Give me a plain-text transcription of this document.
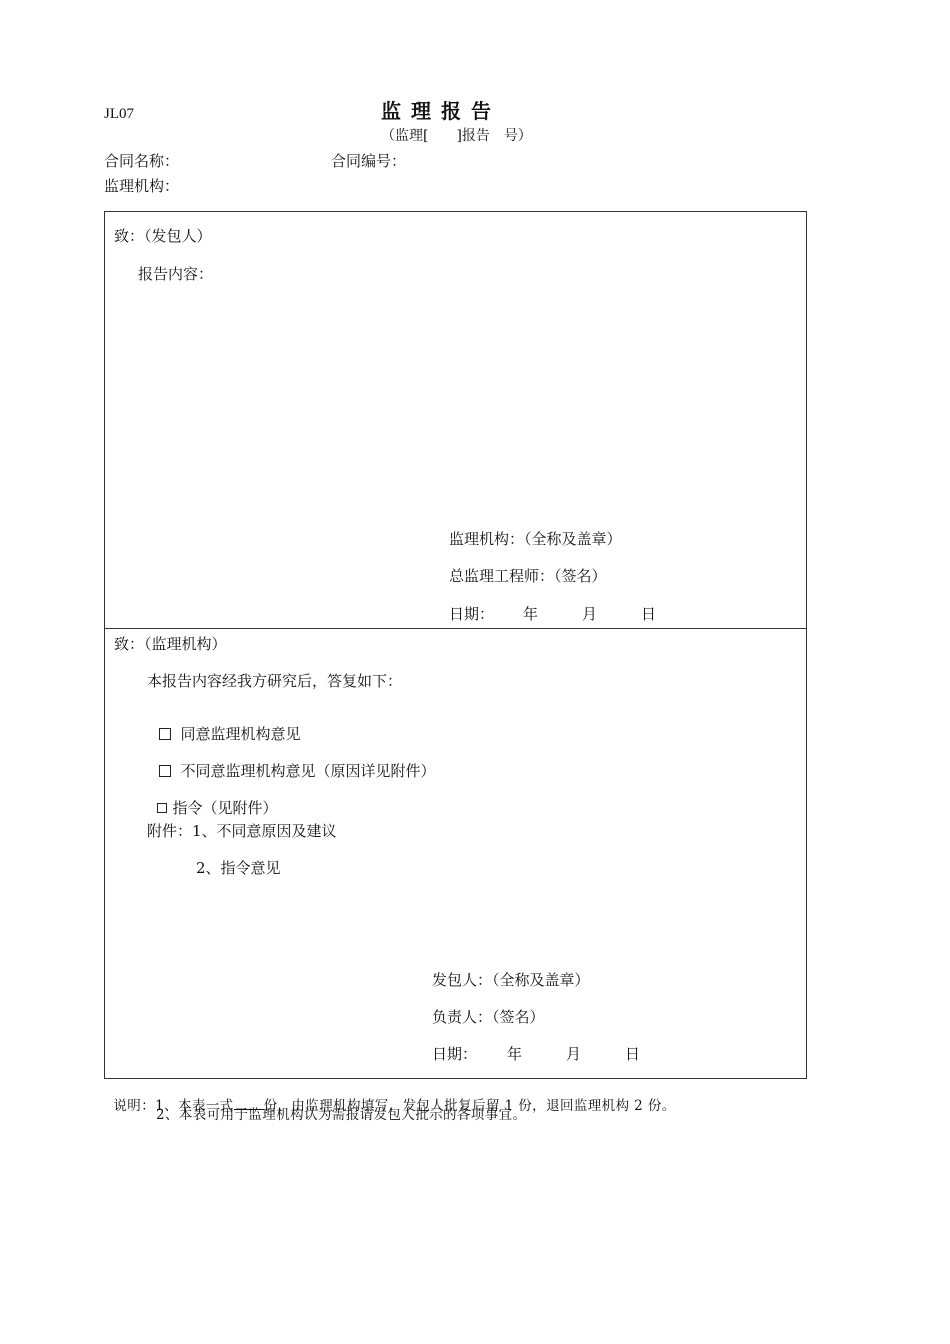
JL07	监理报告
（监理[　　]报告　号）
合同名称：	合同编号：
监理机构：
致：（发包人）
报告内容：
监理机构：（全称及盖章）
总监理工程师：（签名）
日期： 年	月	日
致：（监理机构）
本报告内容经我方研究后，答复如下：

同意监理机构意见

不同意监理机构意见（原因详见附件）

指令（见附件）

附件：1、不同意原因及建议
2、指令意见
发包人：（全称及盖章）
负责人：（签名）
日期： 年	月	日

说明：1、本表一式 份，由监理机构填写，发包人批复后留 1 份，退回监理机构 2 份。

2、本表可用于监理机构认为需报请发包人批示的各项事宜。
